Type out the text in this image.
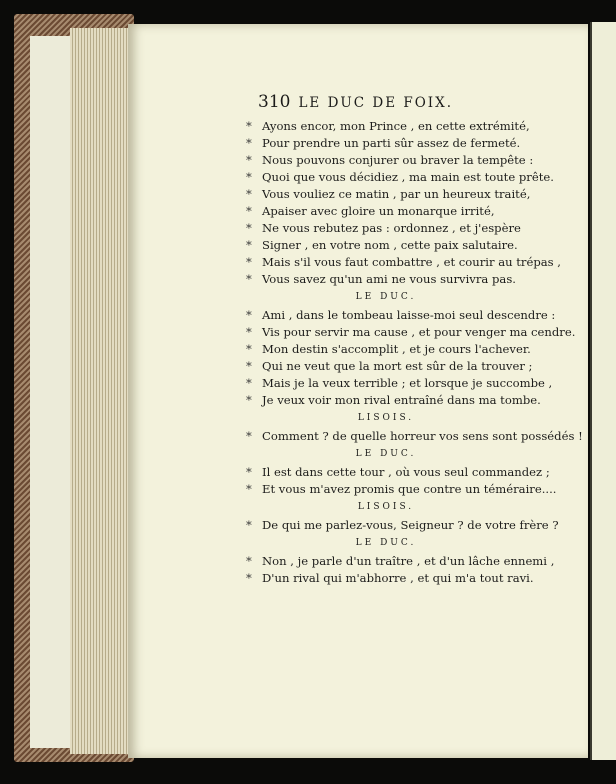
310 LE DUC DE FOIX.
* Ayons encor, mon Prince , en cette extrémité,
* Pour prendre un parti sûr assez de fermeté.
* Nous pouvons conjurer ou braver la tempête :
* Quoi que vous décidiez , ma main est toute prête.
* Vous vouliez ce matin , par un heureux traité,
* Apaiser avec gloire un monarque irrité,
* Ne vous rebutez pas : ordonnez , et j'espère
* Signer , en votre nom , cette paix salutaire.
* Mais s'il vous faut combattre , et courir au trépas ,
* Vous savez qu'un ami ne vous survivra pas.
LE DUC.
* Ami , dans le tombeau laisse-moi seul descendre :
* Vis pour servir ma cause , et pour venger ma cendre.
* Mon destin s'accomplit , et je cours l'achever.
* Qui ne veut que la mort est sûr de la trouver ;
* Mais je la veux terrible ; et lorsque je succombe ,
* Je veux voir mon rival entraîné dans ma tombe.
LISOIS.
* Comment ? de quelle horreur vos sens sont possédés !
LE DUC.
* Il est dans cette tour , où vous seul commandez ;
* Et vous m'avez promis que contre un téméraire....
LISOIS.
* De qui me parlez-vous, Seigneur ? de votre frère ?
LE DUC.
* Non , je parle d'un traître , et d'un lâche ennemi ,
* D'un rival qui m'abhorre , et qui m'a tout ravi.
